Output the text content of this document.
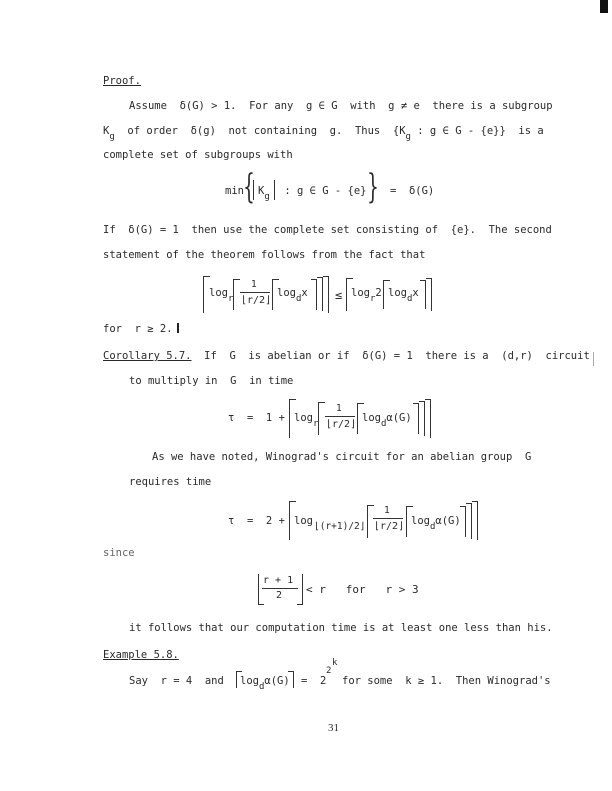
Proof.
Assume  δ(G) > 1.  For any  g ∈ G  with  g ≠ e  there is a subgroup
Kg  of order  δ(g)  not containing  g.  Thus  {Kg : g ∈ G - {e}}  is a
complete set of subgroups with
min { Kg : g ∈ G - {e} } =  δ(G)
If  δ(G) = 1  then use the complete set consisting of  {e}.  The second
statement of the theorem follows from the fact that
logr
1
⌊r/2⌋
logdx ≤ logr2 logdx
for  r ≥ 2.
Corollary 5.7.  If  G  is abelian or if  δ(G) = 1  there is a  (d,r)  circuit
to multiply in  G  in time
τ  =  1 + logr
1
⌊r/2⌋
logdα(G)
As we have noted, Winograd's circuit for an abelian group  G
requires time
τ  =  2 + log ⌊(r+1)/2⌋
1
⌊r/2⌋ logdα(G)
since
r + 1
2 < r   for   r > 3
it follows that our computation time is at least one less than his.
Example 5.8.
Say  r = 4  and logdα(G) =  2
2
k
for some  k ≥ 1.  Then Winograd's
31
